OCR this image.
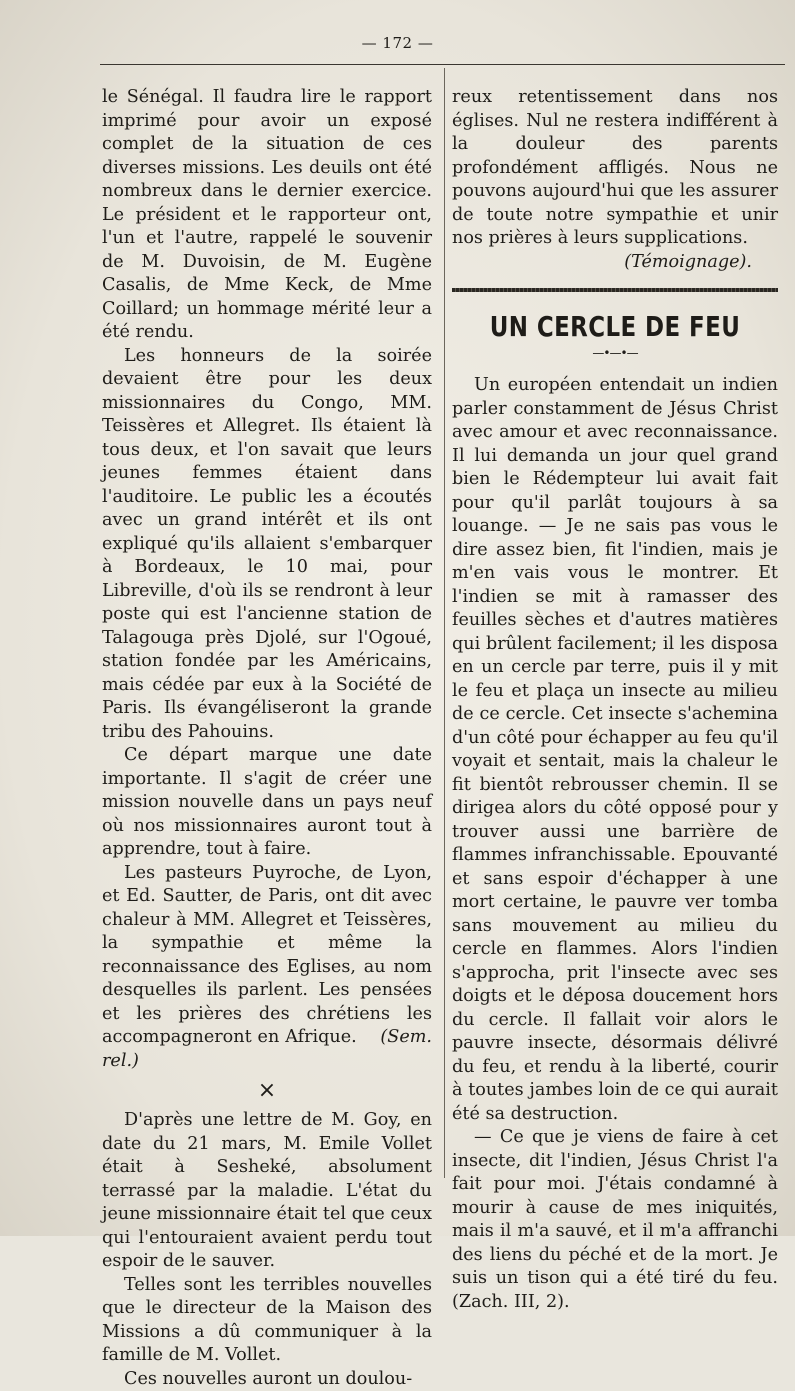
— 172 —

le Sénégal. Il faudra lire le rapport imprimé pour avoir un exposé complet de la situation de ces diverses missions. Les deuils ont été nombreux dans le dernier exercice. Le président et le rapporteur ont, l'un et l'autre, rappelé le souvenir de M. Duvoisin, de M. Eugène Casalis, de Mme Keck, de Mme Coillard; un hommage mérité leur a été rendu.

Les honneurs de la soirée devaient être pour les deux missionnaires du Congo, MM. Teissères et Allegret. Ils étaient là tous deux, et l'on savait que leurs jeunes femmes étaient dans l'auditoire. Le public les a écoutés avec un grand intérêt et ils ont expliqué qu'ils allaient s'embarquer à Bordeaux, le 10 mai, pour Libreville, d'où ils se rendront à leur poste qui est l'ancienne station de Talagouga près Djolé, sur l'Ogoué, station fondée par les Américains, mais cédée par eux à la Société de Paris. Ils évangéliseront la grande tribu des Pahouins.

Ce départ marque une date importante. Il s'agit de créer une mission nouvelle dans un pays neuf où nos missionnaires auront tout à apprendre, tout à faire.

Les pasteurs Puyroche, de Lyon, et Ed. Sautter, de Paris, ont dit avec chaleur à MM. Allegret et Teissères, la sympathie et même la reconnaissance des Eglises, au nom desquelles ils parlent. Les pensées et les prières des chrétiens les accompagneront en Afrique. (Sem. rel.)

×

D'après une lettre de M. Goy, en date du 21 mars, M. Emile Vollet était à Sesheké, absolument terrassé par la maladie. L'état du jeune missionnaire était tel que ceux qui l'entouraient avaient perdu tout espoir de le sauver.

Telles sont les terribles nouvelles que le directeur de la Maison des Missions a dû communiquer à la famille de M. Vollet.

Ces nouvelles auront un doulou-

reux retentissement dans nos églises. Nul ne restera indifférent à la douleur des parents profondément affligés. Nous ne pouvons aujourd'hui que les assurer de toute notre sympathie et unir nos prières à leurs supplications.

(Témoignage).
UN CERCLE DE FEU
—•—•—

Un européen entendait un indien parler constamment de Jésus Christ avec amour et avec reconnaissance. Il lui demanda un jour quel grand bien le Rédempteur lui avait fait pour qu'il parlât toujours à sa louange. — Je ne sais pas vous le dire assez bien, fit l'indien, mais je m'en vais vous le montrer. Et l'indien se mit à ramasser des feuilles sèches et d'autres matières qui brûlent facilement; il les disposa en un cercle par terre, puis il y mit le feu et plaça un insecte au milieu de ce cercle. Cet insecte s'achemina d'un côté pour échapper au feu qu'il voyait et sentait, mais la chaleur le fit bientôt rebrousser chemin. Il se dirigea alors du côté opposé pour y trouver aussi une barrière de flammes infranchissable. Epouvanté et sans espoir d'échapper à une mort certaine, le pauvre ver tomba sans mouvement au milieu du cercle en flammes. Alors l'indien s'approcha, prit l'insecte avec ses doigts et le déposa doucement hors du cercle. Il fallait voir alors le pauvre insecte, désormais délivré du feu, et rendu à la liberté, courir à toutes jambes loin de ce qui aurait été sa destruction.

— Ce que je viens de faire à cet insecte, dit l'indien, Jésus Christ l'a fait pour moi. J'étais condamné à mourir à cause de mes iniquités, mais il m'a sauvé, et il m'a affranchi des liens du péché et de la mort. Je suis un tison qui a été tiré du feu. (Zach. III, 2).
